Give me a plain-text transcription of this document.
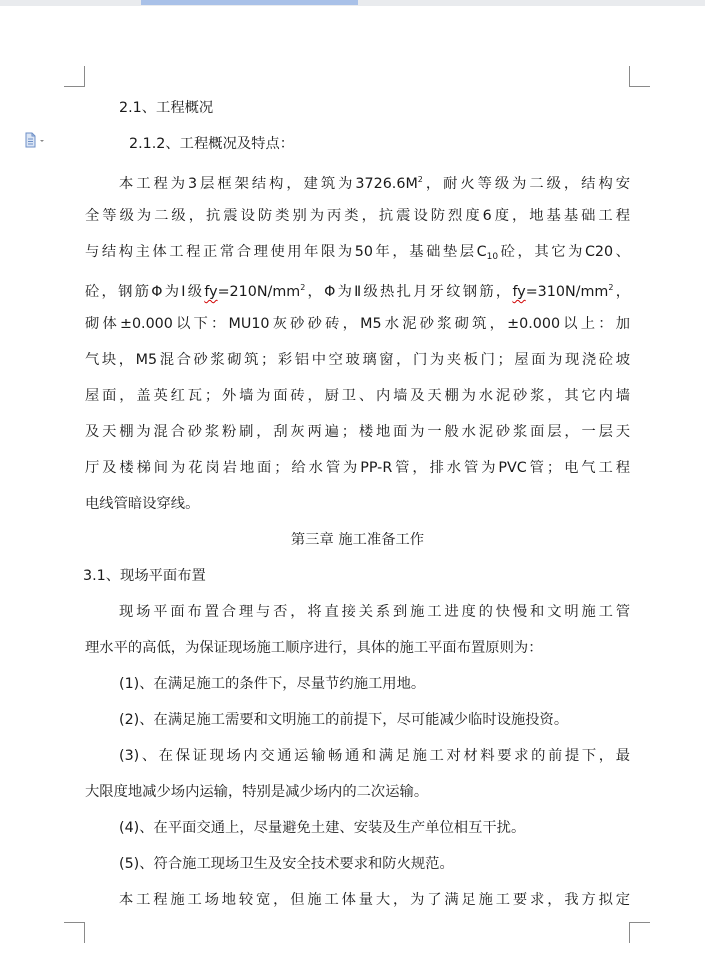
2.1、工程概况
2.1.2、工程概况及特点：
本工程为3层框架结构，建筑为$3726.6M^2$，耐火等级为二级，结构安
全等级为二级，抗震设防类别为丙类，抗震设防烈度6度，地基基础工程
与结构主体工程正常合理使用年限为50年，基础垫层$C_{10}$砼，其它为C20、
砼，钢筋Φ为Ⅰ级$fy=210N/mm^2$，Φ为Ⅱ级热扎月牙纹钢筋，$fy=310N/mm^2$，
砌体±0.000以下：MU10灰砂砂砖，M5水泥砂浆砌筑，±0.000以上：加
气块，M5混合砂浆砌筑；彩铝中空玻璃窗，门为夹板门；屋面为现浇砼坡
屋面，盖英红瓦；外墙为面砖，厨卫、内墙及天棚为水泥砂浆，其它内墙
及天棚为混合砂浆粉刷，刮灰两遍；楼地面为一般水泥砂浆面层，一层天
厅及楼梯间为花岗岩地面；给水管为PP-R管，排水管为PVC管；电气工程
电线管暗设穿线。
第三章 施工准备工作
3.1、现场平面布置
现场平面布置合理与否，将直接关系到施工进度的快慢和文明施工管
理水平的高低，为保证现场施工顺序进行，具体的施工平面布置原则为：
(1)、在满足施工的条件下，尽量节约施工用地。
(2)、在满足施工需要和文明施工的前提下，尽可能减少临时设施投资。
(3)、在保证现场内交通运输畅通和满足施工对材料要求的前提下，最
大限度地减少场内运输，特别是减少场内的二次运输。
(4)、在平面交通上，尽量避免土建、安装及生产单位相互干扰。
(5)、符合施工现场卫生及安全技术要求和防火规范。
本工程施工场地较宽，但施工体量大，为了满足施工要求，我方拟定
